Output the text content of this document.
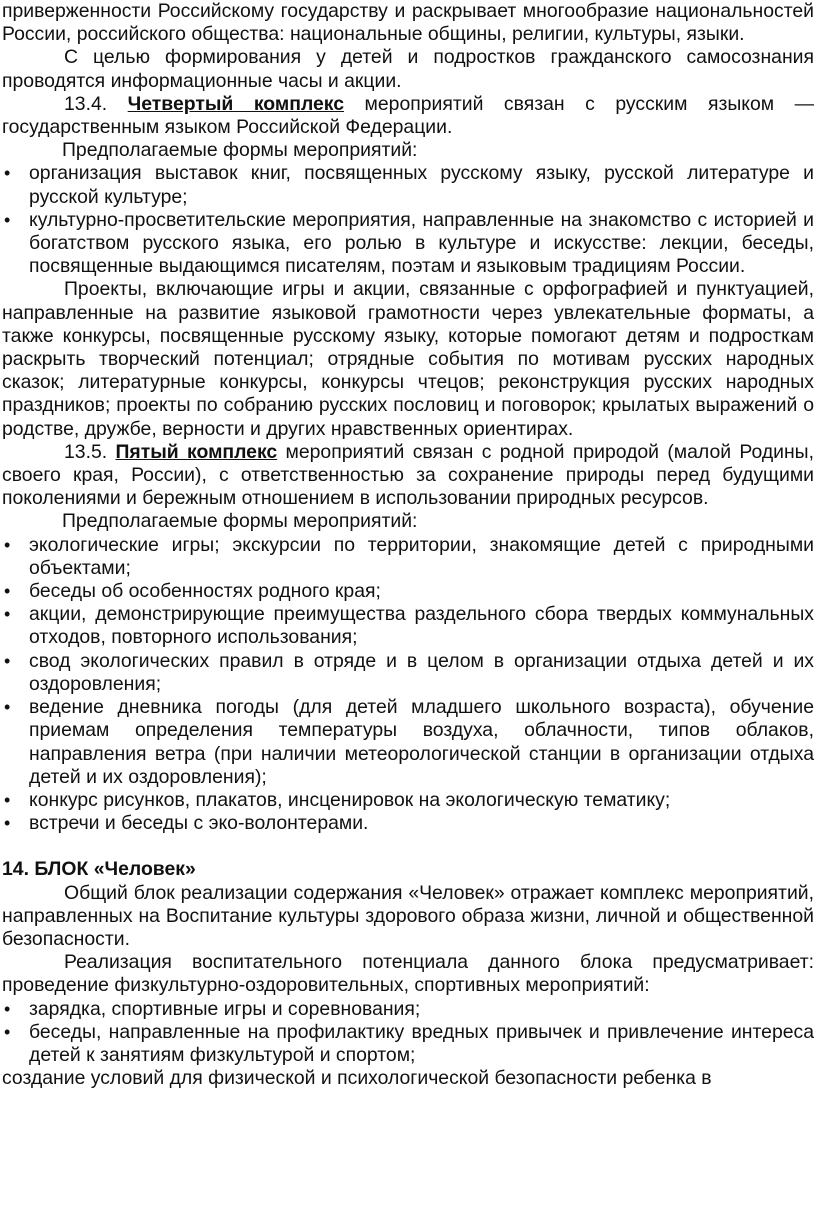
приверженности Российскому государству и раскрывает многообразие национальностей России, российского общества: национальные общины, религии, культуры, языки.

С целью формирования у детей и подростков гражданского самосознания проводятся информационные часы и акции.

13.4. Четвертый комплекс мероприятий связан с русским языком — государственным языком Российской Федерации.

Предполагаемые формы мероприятий:

• организация выставок книг, посвященных русскому языку, русской литературе и русской культуре;
• культурно-просветительские мероприятия, направленные на знакомство с историей и богатством русского языка, его ролью в культуре и искусстве: лекции, беседы, посвященные выдающимся писателям, поэтам и языковым традициям России.

Проекты, включающие игры и акции, связанные с орфографией и пунктуацией, направленные на развитие языковой грамотности через увлекательные форматы, а также конкурсы, посвященные русскому языку, которые помогают детям и подросткам раскрыть творческий потенциал; отрядные события по мотивам русских народных сказок; литературные конкурсы, конкурсы чтецов; реконструкция русских народных праздников; проекты по собранию русских пословиц и поговорок; крылатых выражений о родстве, дружбе, верности и других нравственных ориентирах.

13.5. Пятый комплекс мероприятий связан с родной природой (малой Родины, своего края, России), с ответственностью за сохранение природы перед будущими поколениями и бережным отношением в использовании природных ресурсов.

Предполагаемые формы мероприятий:

• экологические игры; экскурсии по территории, знакомящие детей с природными объектами;
• беседы об особенностях родного края;
• акции, демонстрирующие преимущества раздельного сбора твердых коммунальных отходов, повторного использования;
• свод экологических правил в отряде и в целом в организации отдыха детей и их оздоровления;
• ведение дневника погоды (для детей младшего школьного возраста), обучение приемам определения температуры воздуха, облачности, типов облаков, направления ветра (при наличии метеорологической станции в организации отдыха детей и их оздоровления);
• конкурс рисунков, плакатов, инсценировок на экологическую тематику;
• встречи и беседы с эко-волонтерами.

14. БЛОК «Человек»

Общий блок реализации содержания «Человек» отражает комплекс мероприятий, направленных на Воспитание культуры здорового образа жизни, личной и общественной безопасности.

Реализация воспитательного потенциала данного блока предусматривает: проведение физкультурно-оздоровительных, спортивных мероприятий:

• зарядка, спортивные игры и соревнования;
• беседы, направленные на профилактику вредных привычек и привлечение интереса детей к занятиям физкультурой и спортом;

создание условий для физической и психологической безопасности ребенка в
